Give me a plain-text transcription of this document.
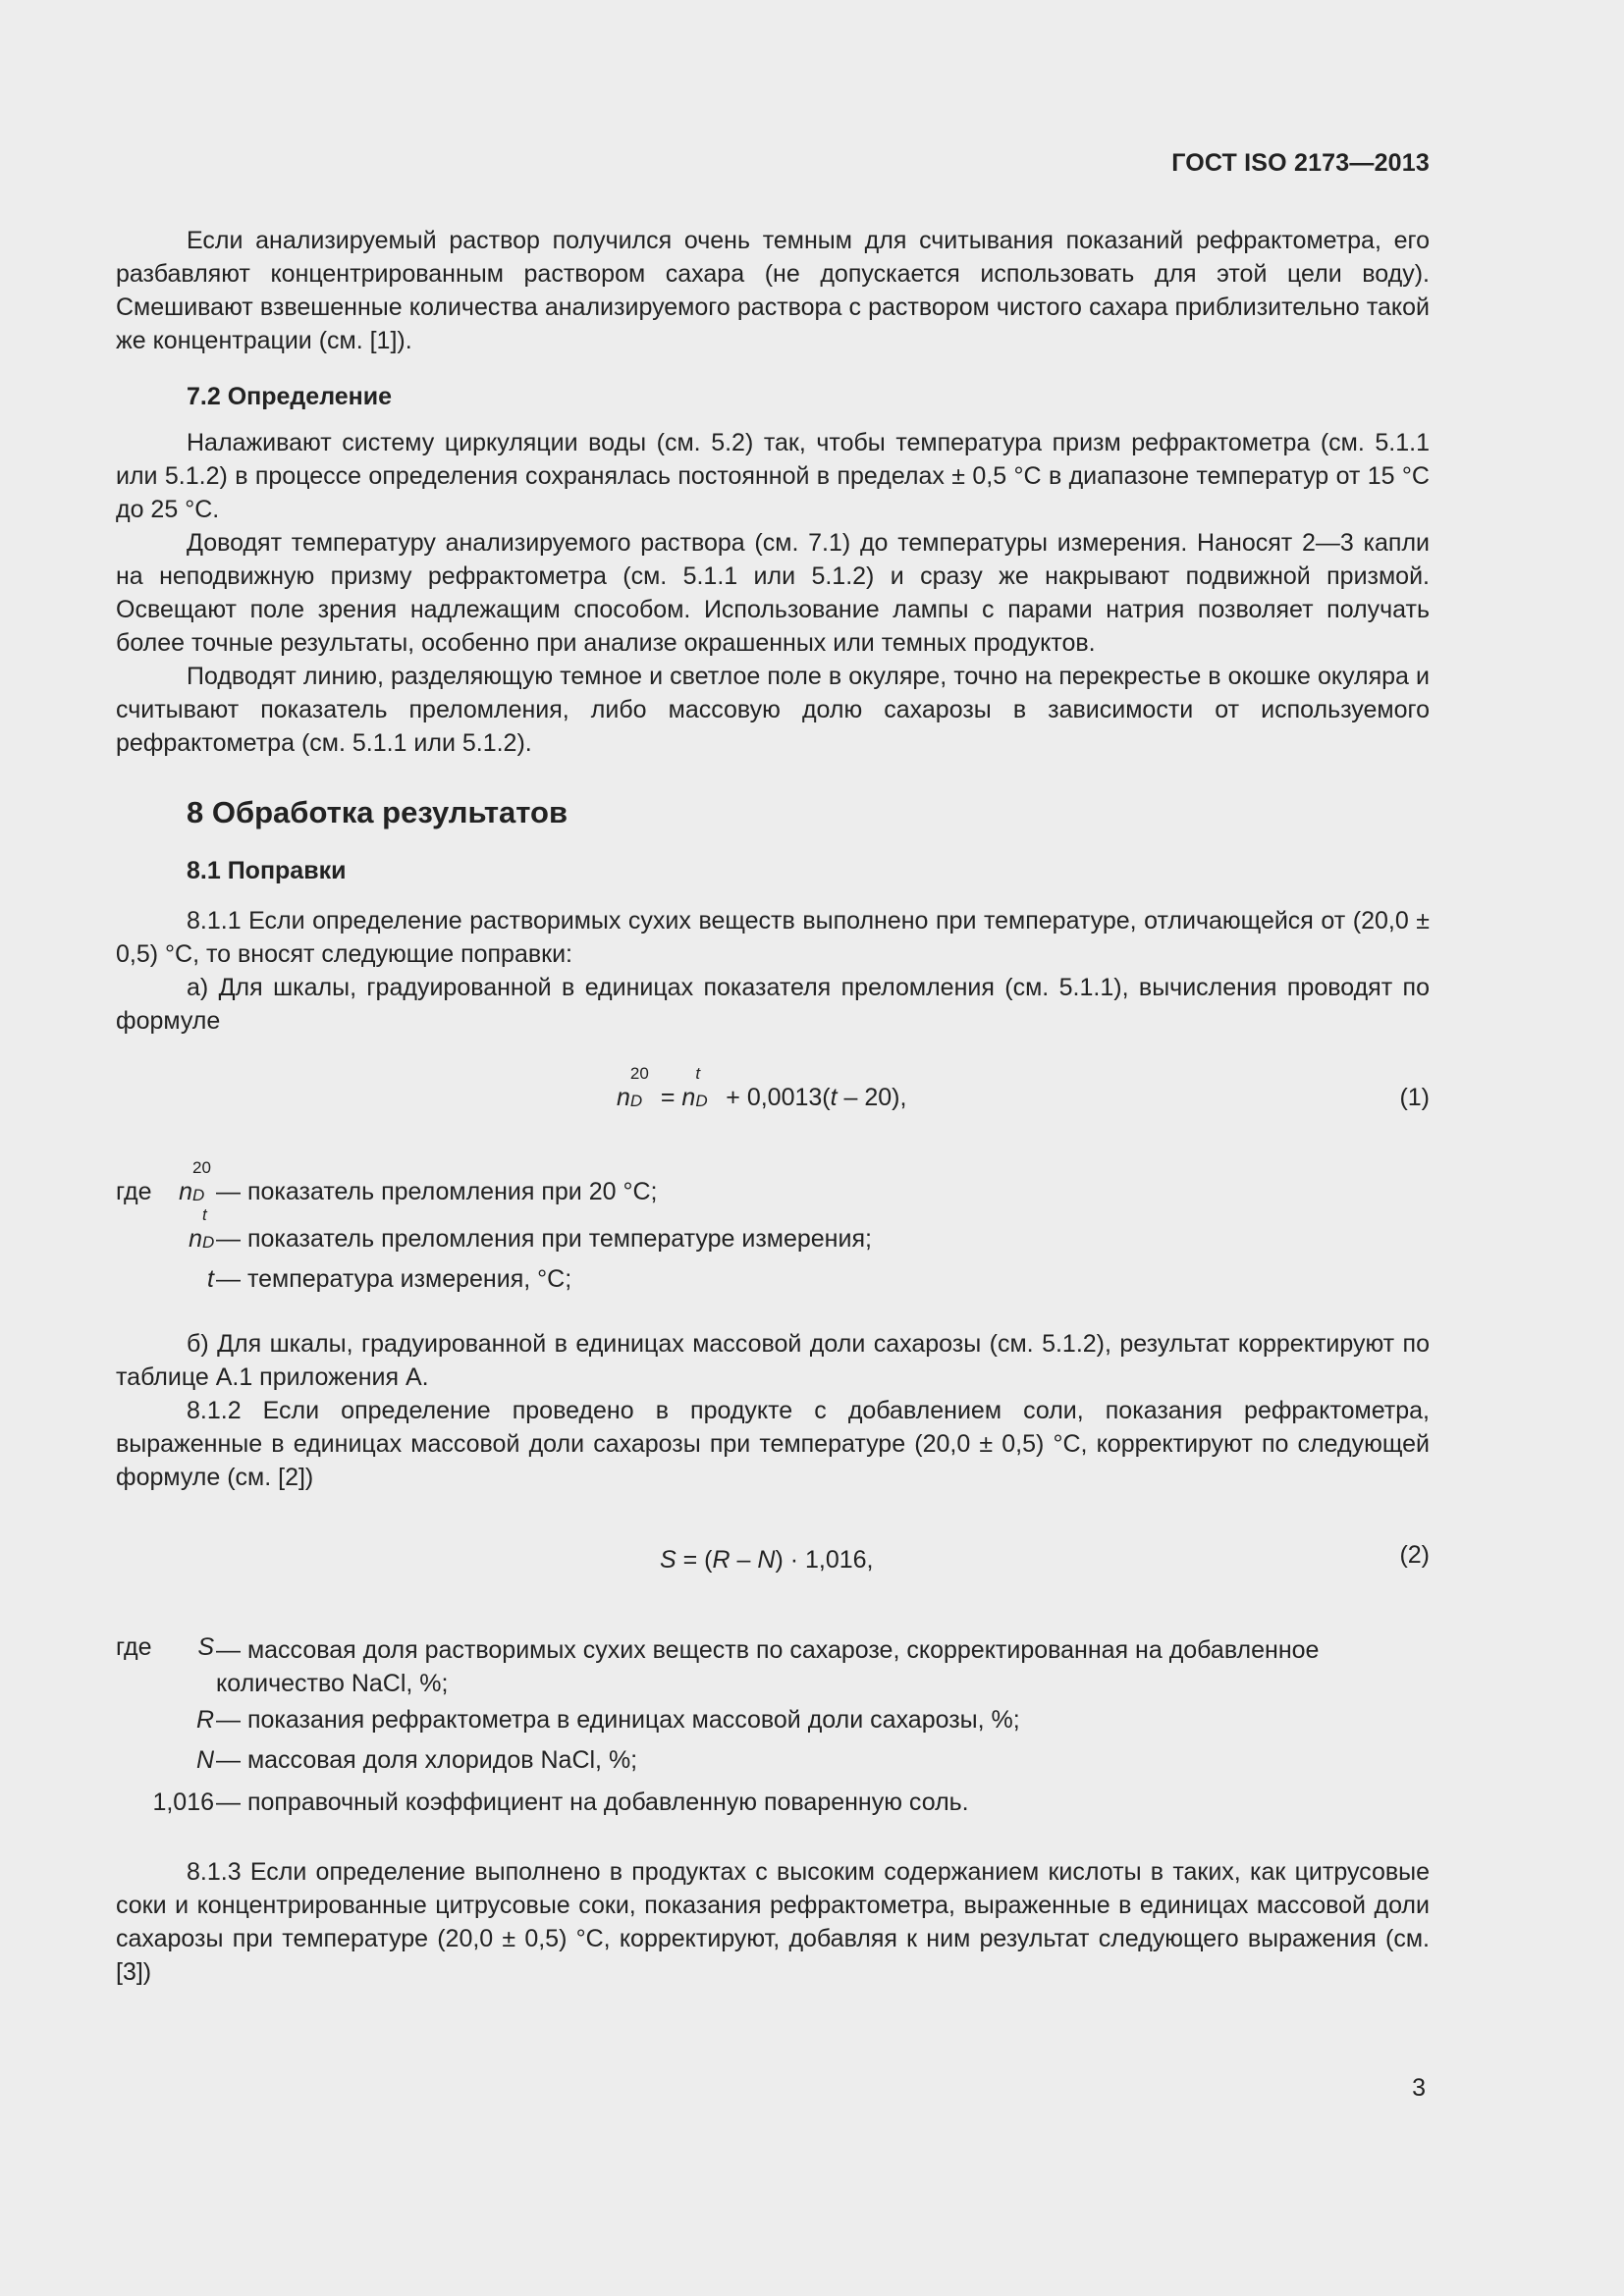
ГОСТ ISO 2173—2013

Если анализируемый раствор получился очень темным для считывания показаний рефрактометра, его разбавляют концентрированным раствором сахара (не допускается использовать для этой цели воду). Смешивают взвешенные количества анализируемого раствора с раствором чистого сахара приблизительно такой же концентрации (см. [1]).

7.2 Определение

Налаживают систему циркуляции воды (см. 5.2) так, чтобы температура призм рефрактометра (см. 5.1.1 или 5.1.2) в процессе определения сохранялась постоянной в пределах ± 0,5 °C в диапазоне температур от 15 °C до 25 °C.

Доводят температуру анализируемого раствора (см. 7.1) до температуры измерения. Наносят 2—3 капли на неподвижную призму рефрактометра (см. 5.1.1 или 5.1.2) и сразу же накрывают подвижной призмой. Освещают поле зрения надлежащим способом. Использование лампы с парами натрия позволяет получать более точные результаты, особенно при анализе окрашенных или темных продуктов.

Подводят линию, разделяющую темное и светлое поле в окуляре, точно на перекрестье в окошке окуляра и считывают показатель преломления, либо массовую долю сахарозы в зависимости от используемого рефрактометра (см. 5.1.1 или 5.1.2).

8 Обработка результатов
8.1 Поправки

8.1.1 Если определение растворимых сухих веществ выполнено при температуре, отличающейся от (20,0 ± 0,5) °C, то вносят следующие поправки:

а) Для шкалы, градуированной в единицах показателя преломления (см. 5.1.1), вычисления проводят по формуле

n
20
D = n
t
D + 0,0013(t – 20),	(1)
где	n
20
D — показатель преломления при 20 °C;
n
t
D — показатель преломления при температуре измерения;
t — температура измерения, °C;

б) Для шкалы, градуированной в единицах массовой доли сахарозы (см. 5.1.2), результат корректируют по таблице А.1 приложения А.

8.1.2 Если определение проведено в продукте с добавлением соли, показания рефрактометра, выраженные в единицах массовой доли сахарозы при температуре (20,0 ± 0,5) °C, корректируют по следующей формуле (см. [2])

S = (R – N) · 1,016,	(2)
где	S — массовая доля растворимых сухих веществ по сахарозе, скорректированная на добавленное количество NaCl, %;
R — показания рефрактометра в единицах массовой доли сахарозы, %;
N — массовая доля хлоридов NaCl, %;
1,016 — поправочный коэффициент на добавленную поваренную соль.

8.1.3 Если определение выполнено в продуктах с высоким содержанием кислоты в таких, как цитрусовые соки и концентрированные цитрусовые соки, показания рефрактометра, выраженные в единицах массовой доли сахарозы при температуре (20,0 ± 0,5) °C, корректируют, добавляя к ним результат следующего выражения (см. [3])

3
